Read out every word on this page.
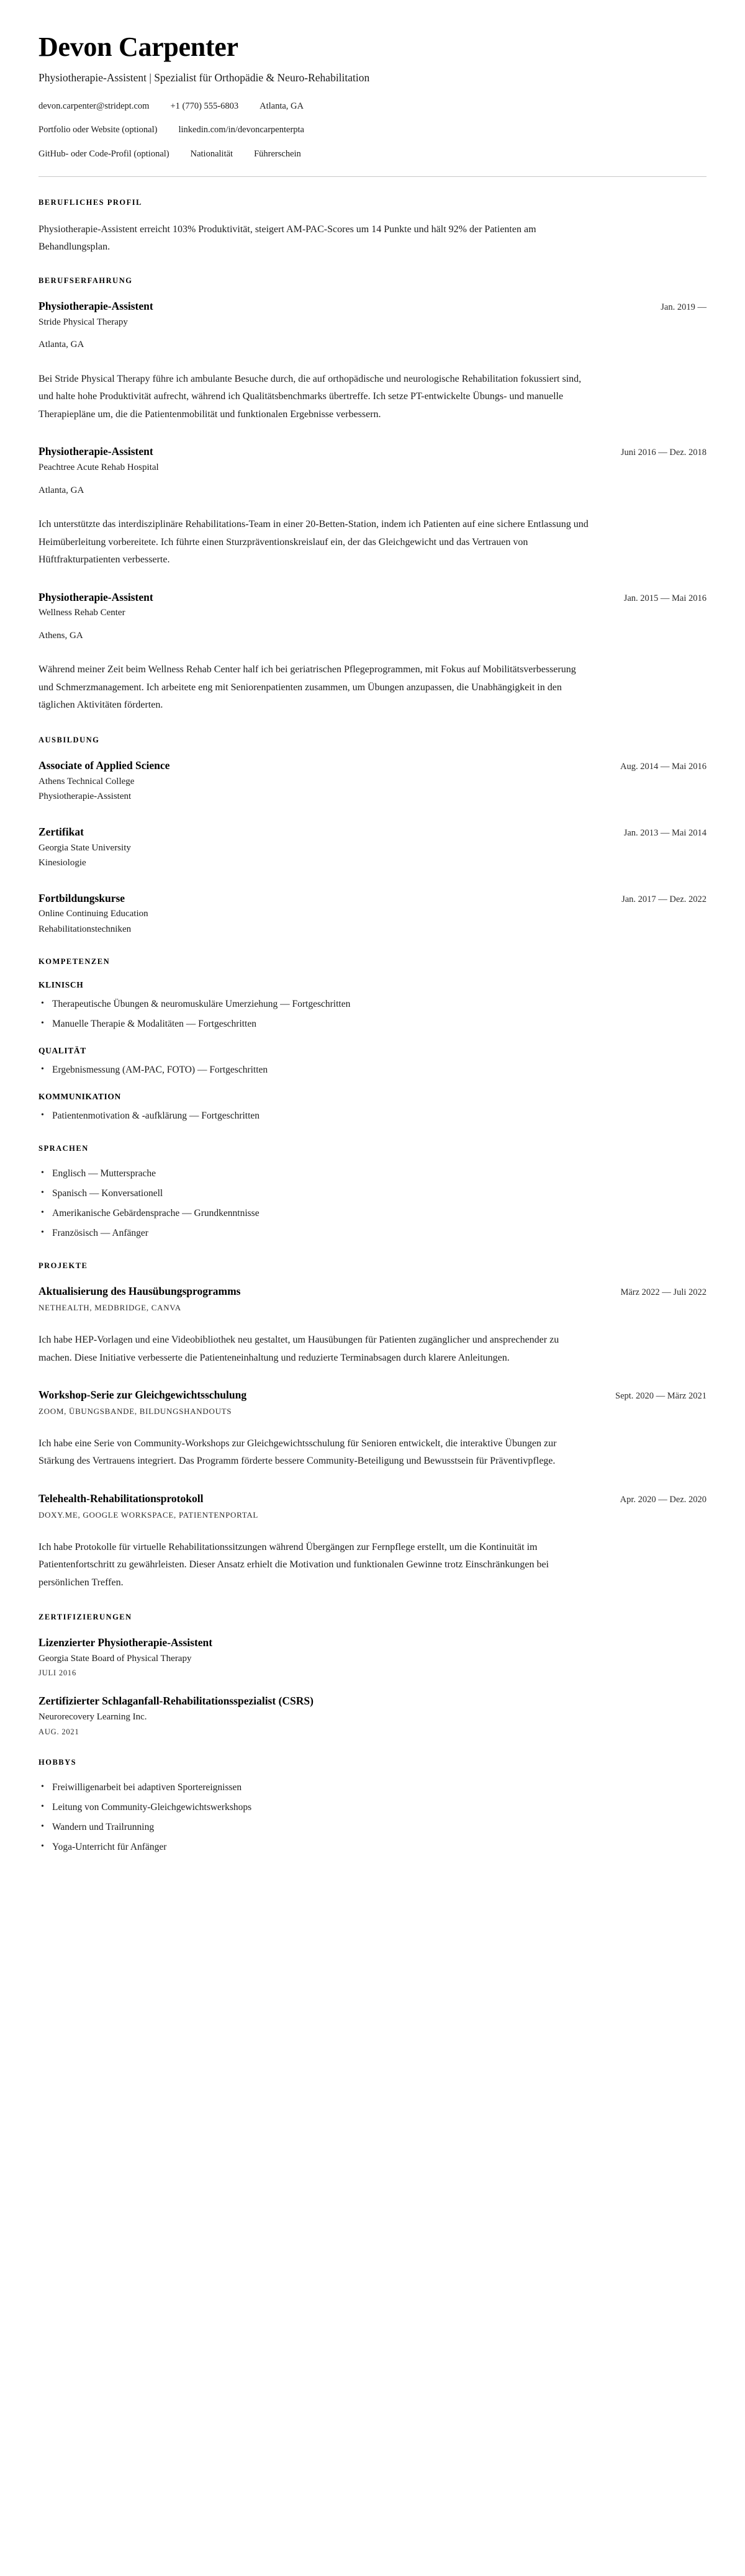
Devon Carpenter

Physiotherapie-Assistent | Spezialist für Orthopädie & Neuro-Rehabilitation

devon.carpenter@stridept.com +1 (770) 555-6803 Atlanta, GA
Portfolio oder Website (optional) linkedin.com/in/devoncarpenterpta
GitHub- oder Code-Profil (optional) Nationalität Führerschein
BERUFLICHES PROFIL

Physiotherapie-Assistent erreicht 103% Produktivität, steigert AM-PAC-Scores um 14 Punkte und hält 92% der Patienten am Behandlungsplan.

BERUFSERFAHRUNG
Physiotherapie-Assistent	Jan. 2019 —

Stride Physical Therapy

Atlanta, GA

Bei Stride Physical Therapy führe ich ambulante Besuche durch, die auf orthopädische und neurologische Rehabilitation fokussiert sind, und halte hohe Produktivität aufrecht, während ich Qualitätsbenchmarks übertreffe. Ich setze PT-entwickelte Übungs- und manuelle Therapiepläne um, die die Patientenmobilität und funktionalen Ergebnisse verbessern.

Physiotherapie-Assistent	Juni 2016 — Dez. 2018

Peachtree Acute Rehab Hospital

Atlanta, GA

Ich unterstützte das interdisziplinäre Rehabilitations-Team in einer 20-Betten-Station, indem ich Patienten auf eine sichere Entlassung und Heimüberleitung vorbereitete. Ich führte einen Sturzpräventionskreislauf ein, der das Gleichgewicht und das Vertrauen von Hüftfrakturpatienten verbesserte.

Physiotherapie-Assistent	Jan. 2015 — Mai 2016

Wellness Rehab Center

Athens, GA

Während meiner Zeit beim Wellness Rehab Center half ich bei geriatrischen Pflegeprogrammen, mit Fokus auf Mobilitätsverbesserung und Schmerzmanagement. Ich arbeitete eng mit Seniorenpatienten zusammen, um Übungen anzupassen, die Unabhängigkeit in den täglichen Aktivitäten förderten.

AUSBILDUNG
Associate of Applied Science	Aug. 2014 — Mai 2016

Athens Technical College

Physiotherapie-Assistent

Zertifikat	Jan. 2013 — Mai 2014

Georgia State University

Kinesiologie

Fortbildungskurse	Jan. 2017 — Dez. 2022

Online Continuing Education

Rehabilitationstechniken

KOMPETENZEN
KLINISCH
• Therapeutische Übungen & neuromuskuläre Umerziehung — Fortgeschritten
• Manuelle Therapie & Modalitäten — Fortgeschritten
QUALITÄT
• Ergebnismessung (AM-PAC, FOTO) — Fortgeschritten
KOMMUNIKATION
• Patientenmotivation & -aufklärung — Fortgeschritten
SPRACHEN
• Englisch — Muttersprache
• Spanisch — Konversationell
• Amerikanische Gebärdensprache — Grundkenntnisse
• Französisch — Anfänger
PROJEKTE
Aktualisierung des Hausübungsprogramms	März 2022 — Juli 2022

NETHEALTH, MEDBRIDGE, CANVA

Ich habe HEP-Vorlagen und eine Videobibliothek neu gestaltet, um Hausübungen für Patienten zugänglicher und ansprechender zu machen. Diese Initiative verbesserte die Patienteneinhaltung und reduzierte Terminabsagen durch klarere Anleitungen.

Workshop-Serie zur Gleichgewichtsschulung	Sept. 2020 — März 2021

ZOOM, ÜBUNGSBANDE, BILDUNGSHANDOUTS

Ich habe eine Serie von Community-Workshops zur Gleichgewichtsschulung für Senioren entwickelt, die interaktive Übungen zur Stärkung des Vertrauens integriert. Das Programm förderte bessere Community-Beteiligung und Bewusstsein für Präventivpflege.

Telehealth-Rehabilitationsprotokoll	Apr. 2020 — Dez. 2020

DOXY.ME, GOOGLE WORKSPACE, PATIENTENPORTAL

Ich habe Protokolle für virtuelle Rehabilitationssitzungen während Übergängen zur Fernpflege erstellt, um die Kontinuität im Patientenfortschritt zu gewährleisten. Dieser Ansatz erhielt die Motivation und funktionalen Gewinne trotz Einschränkungen bei persönlichen Treffen.

ZERTIFIZIERUNGEN
Lizenzierter Physiotherapie-Assistent

Georgia State Board of Physical Therapy

JULI 2016

Zertifizierter Schlaganfall-Rehabilitationsspezialist (CSRS)

Neurorecovery Learning Inc.

AUG. 2021

HOBBYS
• Freiwilligenarbeit bei adaptiven Sportereignissen
• Leitung von Community-Gleichgewichtswerkshops
• Wandern und Trailrunning
• Yoga-Unterricht für Anfänger
